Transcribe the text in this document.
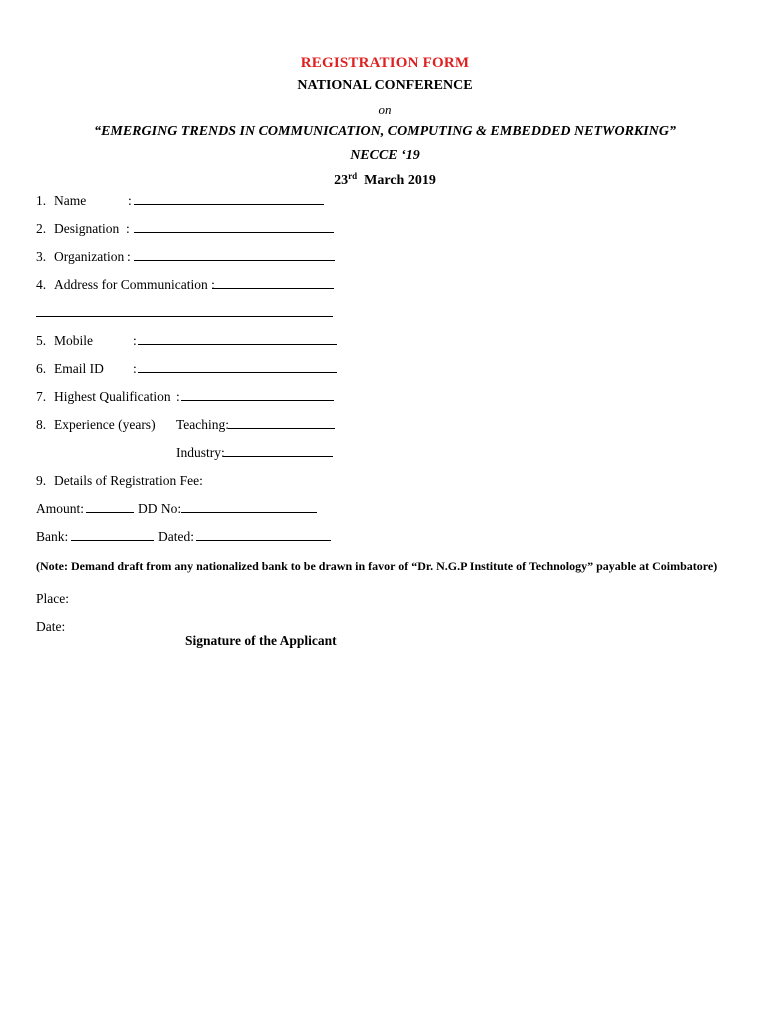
REGISTRATION FORM
NATIONAL CONFERENCE
on
“EMERGING TRENDS IN COMMUNICATION, COMPUTING & EMBEDDED NETWORKING”
NECCE ‘19
23rd March 2019
1. Name	:
2. Designation :
3. Organization :
4. Address for Communication :
5. Mobile	:
6. Email ID :
7. Highest Qualification :
8. Experience (years) Teaching:
Industry:
9. Details of Registration Fee:
Amount:	DD No:
Bank:	Dated:
(Note: Demand draft from any nationalized bank to be drawn in favor of “Dr. N.G.P Institute of Technology” payable at Coimbatore)
Place:
Date:
Signature of the Applicant
